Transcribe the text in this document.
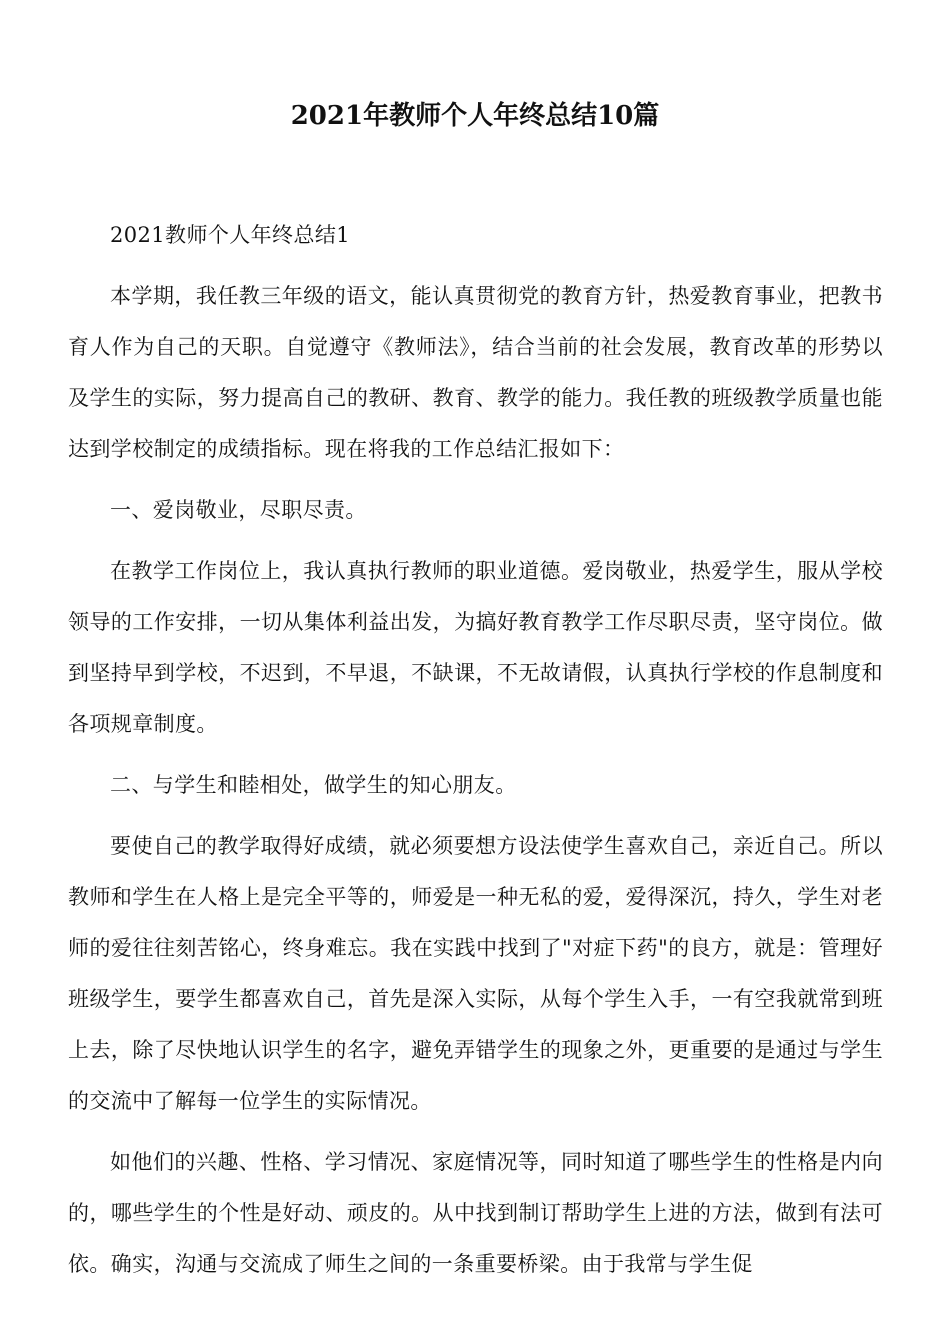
2021年教师个人年终总结10篇

2021教师个人年终总结1

本学期，我任教三年级的语文，能认真贯彻党的教育方针，热爱教育事业，把教书育人作为自己的天职。自觉遵守《教师法》，结合当前的社会发展，教育改革的形势以及学生的实际，努力提高自己的教研、教育、教学的能力。我任教的班级教学质量也能达到学校制定的成绩指标。现在将我的工作总结汇报如下：

一、爱岗敬业，尽职尽责。

在教学工作岗位上，我认真执行教师的职业道德。爱岗敬业，热爱学生，服从学校领导的工作安排，一切从集体利益出发，为搞好教育教学工作尽职尽责，坚守岗位。做到坚持早到学校，不迟到，不早退，不缺课，不无故请假，认真执行学校的作息制度和各项规章制度。

二、与学生和睦相处，做学生的知心朋友。

要使自己的教学取得好成绩，就必须要想方设法使学生喜欢自己，亲近自己。所以教师和学生在人格上是完全平等的，师爱是一种无私的爱，爱得深沉，持久，学生对老师的爱往往刻苦铭心，终身难忘。我在实践中找到了"对症下药"的良方，就是：管理好班级学生，要学生都喜欢自己，首先是深入实际，从每个学生入手，一有空我就常到班上去，除了尽快地认识学生的名字，避免弄错学生的现象之外，更重要的是通过与学生的交流中了解每一位学生的实际情况。

如他们的兴趣、性格、学习情况、家庭情况等，同时知道了哪些学生的性格是内向的，哪些学生的个性是好动、顽皮的。从中找到制订帮助学生上进的方法，做到有法可依。确实，沟通与交流成了师生之间的一条重要桥梁。由于我常与学生促
